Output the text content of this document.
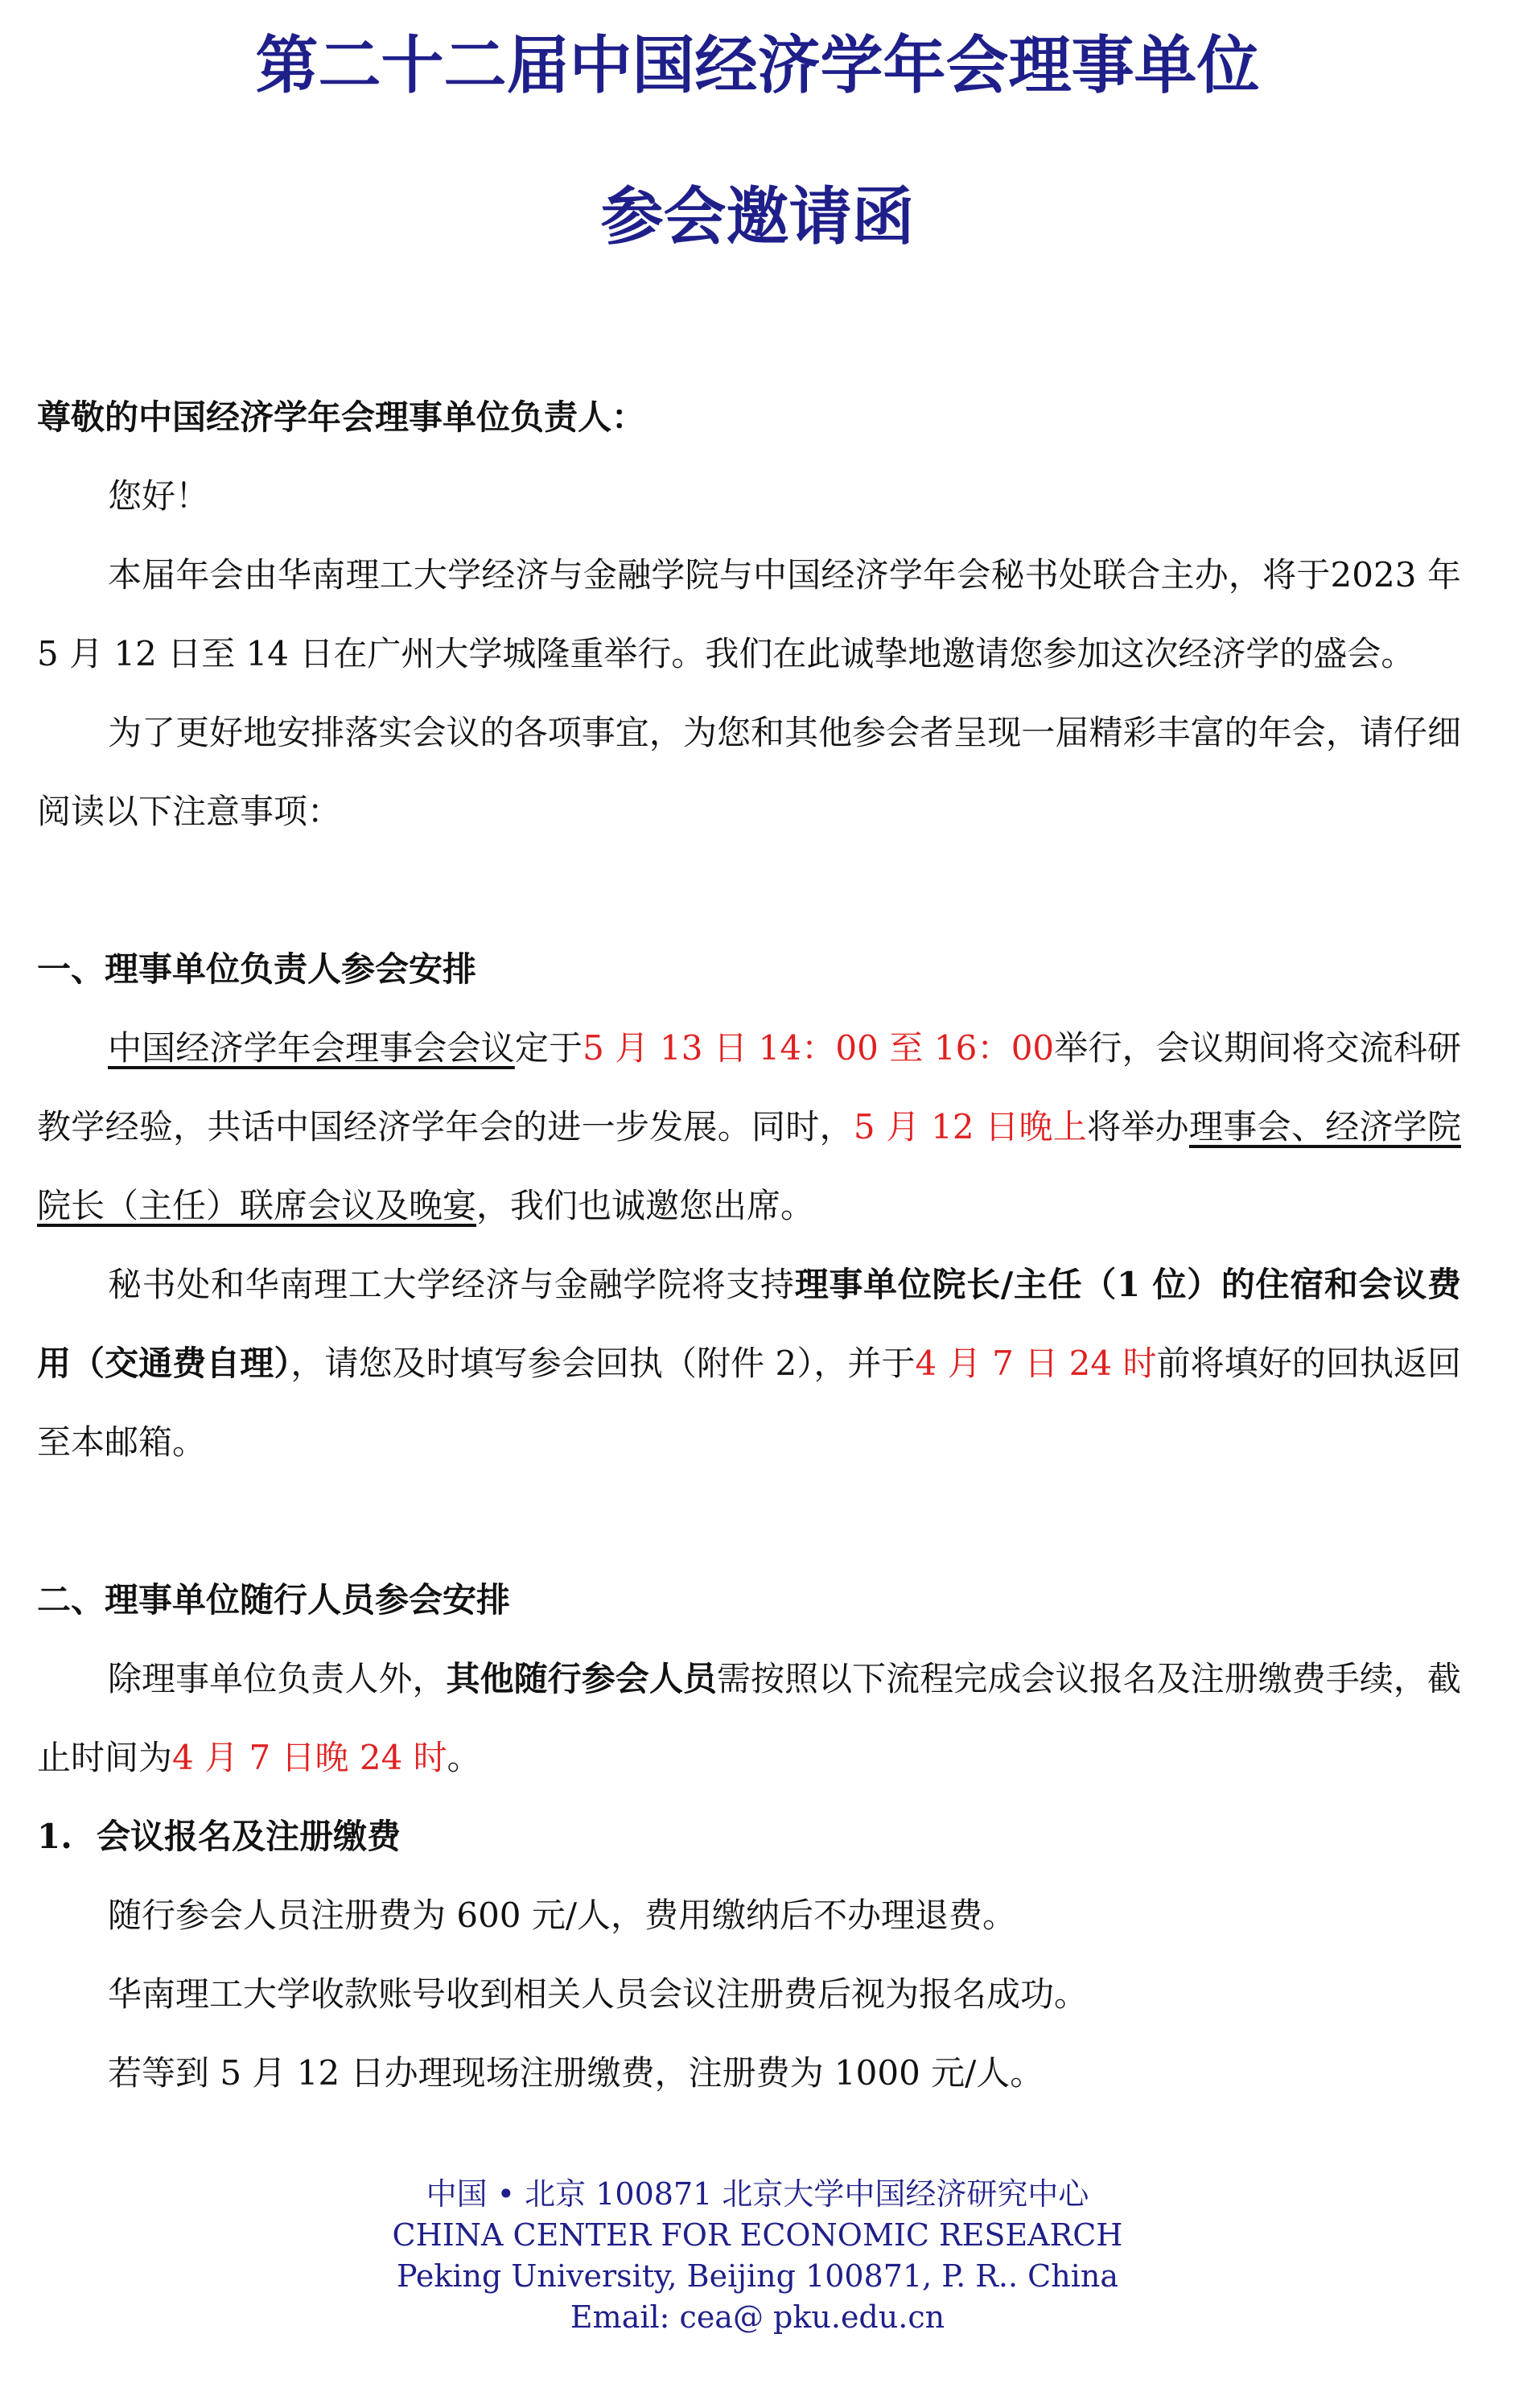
第二十二届中国经济学年会理事单位
参会邀请函

尊敬的中国经济学年会理事单位负责人：

您好！

本届年会由华南理工大学经济与金融学院与中国经济学年会秘书处联合主办，将于2023 年 5 月 12 日至 14 日在广州大学城隆重举行。我们在此诚挚地邀请您参加这次经济学的盛会。

为了更好地安排落实会议的各项事宜，为您和其他参会者呈现一届精彩丰富的年会，请仔细阅读以下注意事项：

一、理事单位负责人参会安排

中国经济学年会理事会会议定于5 月 13 日 14：00 至 16：00举行，会议期间将交流科研教学经验，共话中国经济学年会的进一步发展。同时，5 月 12 日晚上将举办理事会、经济学院院长（主任）联席会议及晚宴，我们也诚邀您出席。

秘书处和华南理工大学经济与金融学院将支持理事单位院长/主任（1 位）的住宿和会议费用（交通费自理），请您及时填写参会回执（附件 2），并于4 月 7 日 24 时前将填好的回执返回至本邮箱。

二、理事单位随行人员参会安排

除理事单位负责人外，其他随行参会人员需按照以下流程完成会议报名及注册缴费手续，截止时间为4 月 7 日晚 24 时。

1. 会议报名及注册缴费

随行参会人员注册费为 600 元/人，费用缴纳后不办理退费。

华南理工大学收款账号收到相关人员会议注册费后视为报名成功。

若等到 5 月 12 日办理现场注册缴费，注册费为 1000 元/人。

中国 • 北京 100871 北京大学中国经济研究中心
CHINA CENTER FOR ECONOMIC RESEARCH
Peking University, Beijing 100871, P. R.. China
Email: cea@ pku.edu.cn
